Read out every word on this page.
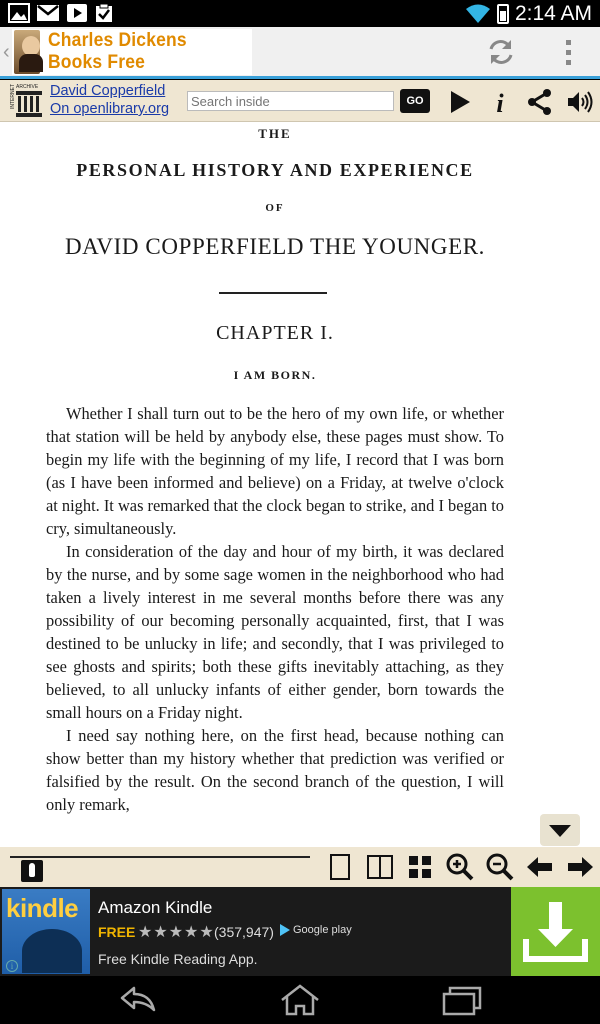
2:14 AM
‹
Charles Dickens Books Free
INTERNET ARCHIVE David Copperfield
On openlibrary.org
Search inside	GO	i
THE
PERSONAL HISTORY AND EXPERIENCE
OF
DAVID COPPERFIELD THE YOUNGER.
CHAPTER I.
I AM BORN.

Whether I shall turn out to be the hero of my own life, or whether that station will be held by anybody else, these pages must show. To begin my life with the beginning of my life, I record that I was born (as I have been informed and believe) on a Friday, at twelve o'clock at night. It was remarked that the clock began to strike, and I began to cry, simultaneously.

In consideration of the day and hour of my birth, it was declared by the nurse, and by some sage women in the neighborhood who had taken a lively interest in me several months before there was any possibility of our becoming personally acquainted, first, that I was destined to be unlucky in life; and secondly, that I was privileged to see ghosts and spirits; both these gifts inevitably attaching, as they believed, to all unlucky infants of either gender, born towards the small hours on a Friday night.

I need say nothing here, on the first head, because nothing can show better than my history whether that prediction was verified or falsified by the result. On the second branch of the question, I will only remark,

kindle
i
Amazon Kindle
FREE ★★★★★ (357,947) Google play
Free Kindle Reading App.
